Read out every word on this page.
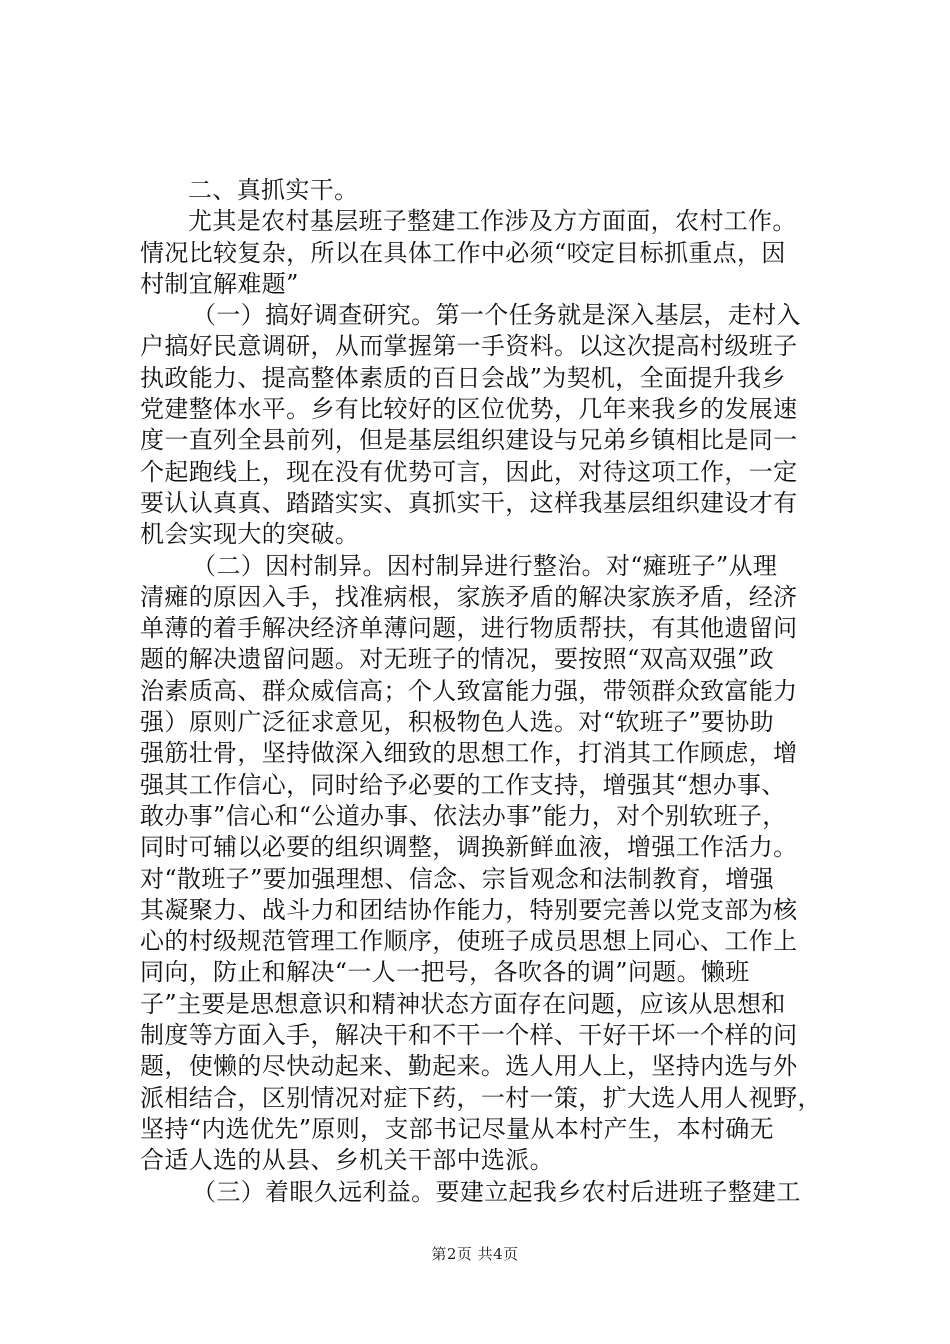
二、真抓实干。
尤其是农村基层班子整建工作涉及方方面面，农村工作。
情况比较复杂，所以在具体工作中必须“咬定目标抓重点，因
村制宜解难题”
（一）搞好调查研究。第一个任务就是深入基层，走村入
户搞好民意调研，从而掌握第一手资料。以这次提高村级班子
执政能力、提高整体素质的百日会战”为契机，全面提升我乡
党建整体水平。乡有比较好的区位优势，几年来我乡的发展速
度一直列全县前列，但是基层组织建设与兄弟乡镇相比是同一
个起跑线上，现在没有优势可言，因此，对待这项工作，一定
要认认真真、踏踏实实、真抓实干，这样我基层组织建设才有
机会实现大的突破。
（二）因村制异。因村制异进行整治。对“瘫班子”从理
清瘫的原因入手，找准病根，家族矛盾的解决家族矛盾，经济
单薄的着手解决经济单薄问题，进行物质帮扶，有其他遗留问
题的解决遗留问题。对无班子的情况，要按照“双高双强”政
治素质高、群众威信高；个人致富能力强，带领群众致富能力
强）原则广泛征求意见，积极物色人选。对“软班子”要协助
强筋壮骨，坚持做深入细致的思想工作，打消其工作顾虑，增
强其工作信心，同时给予必要的工作支持，增强其“想办事、
敢办事”信心和“公道办事、依法办事”能力，对个别软班子，
同时可辅以必要的组织调整，调换新鲜血液，增强工作活力。
对“散班子”要加强理想、信念、宗旨观念和法制教育，增强
其凝聚力、战斗力和团结协作能力，特别要完善以党支部为核
心的村级规范管理工作顺序，使班子成员思想上同心、工作上
同向，防止和解决“一人一把号，各吹各的调”问题。懒班
子”主要是思想意识和精神状态方面存在问题，应该从思想和
制度等方面入手，解决干和不干一个样、干好干坏一个样的问
题，使懒的尽快动起来、勤起来。选人用人上，坚持内选与外
派相结合，区别情况对症下药，一村一策，扩大选人用人视野，
坚持“内选优先”原则，支部书记尽量从本村产生，本村确无
合适人选的从县、乡机关干部中选派。
（三）着眼久远利益。要建立起我乡农村后进班子整建工
第2页 共4页
